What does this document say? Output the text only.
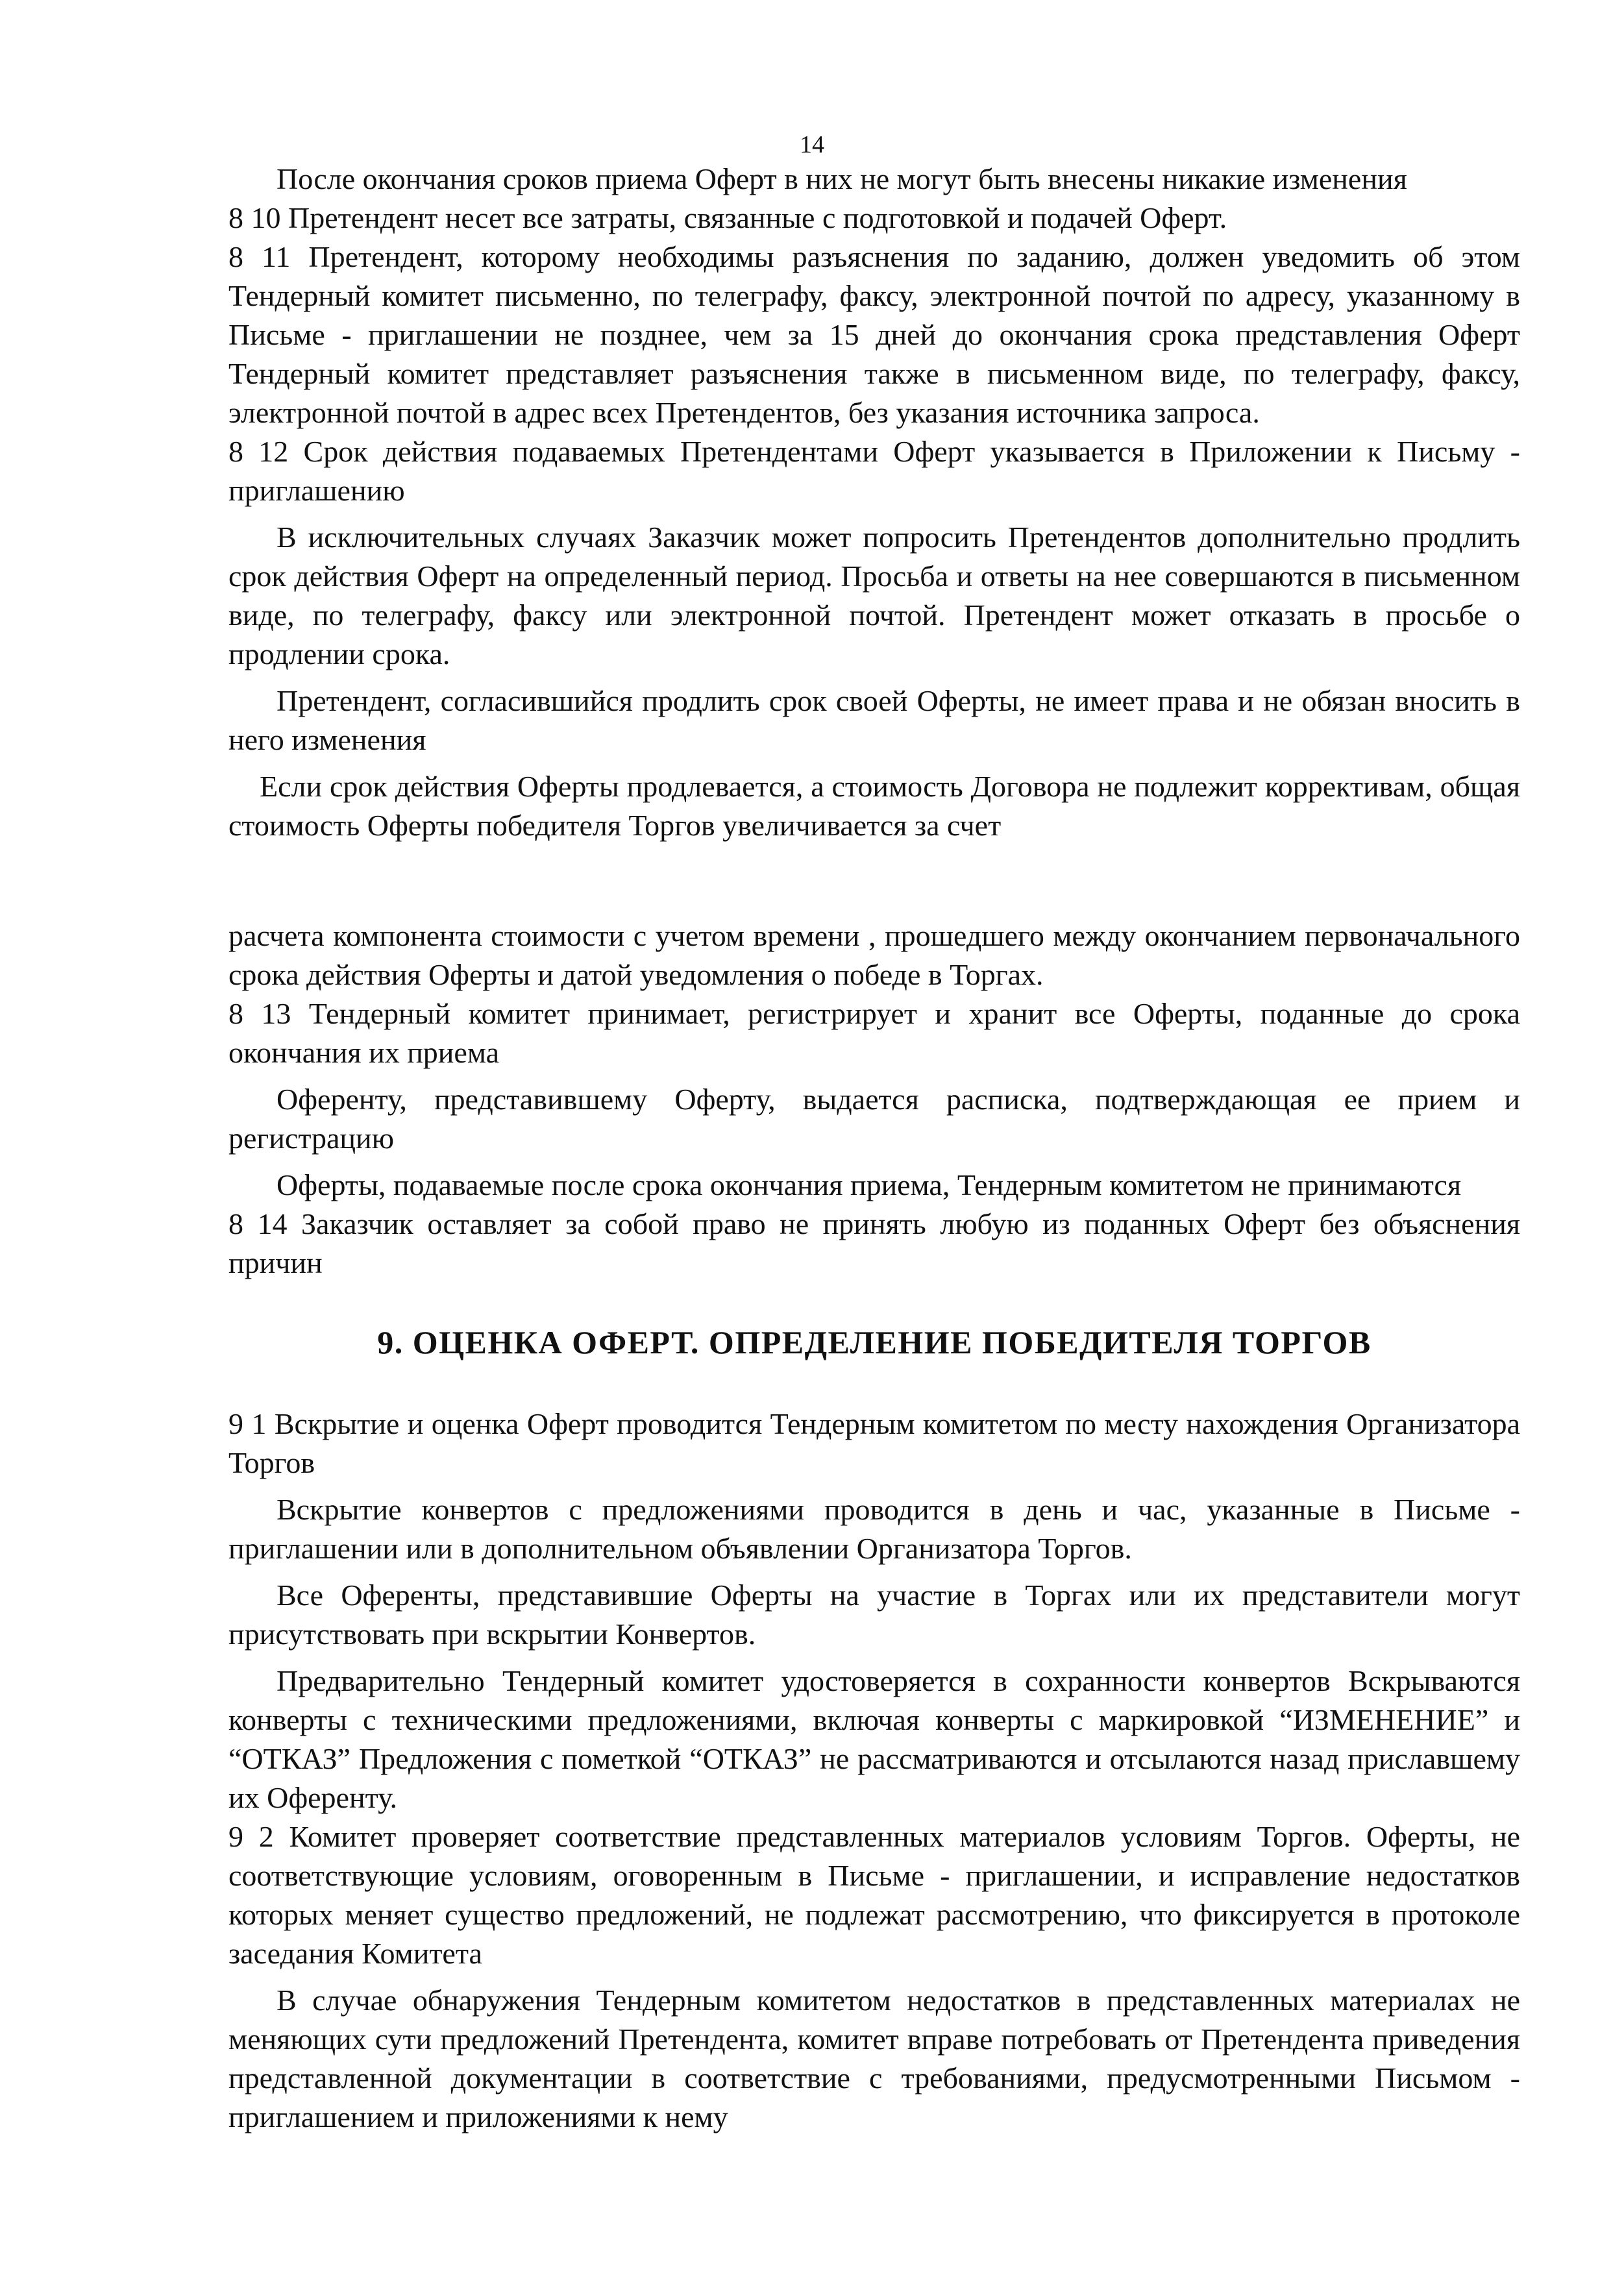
14

После окончания сроков приема Оферт в них не могут быть внесены никакие изменения

8 10 Претендент несет все затраты, связанные с подготовкой и подачей Оферт.

8 11 Претендент, которому необходимы разъяснения по заданию, должен уведомить об этом Тендерный комитет письменно, по телеграфу, факсу, электронной почтой по адресу, указанному в Письме - приглашении не позднее, чем за 15 дней до окончания срока представления Оферт Тендерный комитет представляет разъяснения также в письменном виде, по телеграфу, факсу, электронной почтой в адрес всех Претендентов, без указания источника запроса.

8 12 Срок действия подаваемых Претендентами Оферт указывается в Приложении к Письму - приглашению

В исключительных случаях Заказчик может попросить Претендентов дополнительно продлить срок действия Оферт на определенный период. Просьба и ответы на нее совершаются в письменном виде, по телеграфу, факсу или электронной почтой. Претендент может отказать в просьбе о продлении срока.

Претендент, согласившийся продлить срок своей Оферты, не имеет права и не обязан вносить в него изменения

Если срок действия Оферты продлевается, а стоимость Договора не подлежит коррективам, общая стоимость Оферты победителя Торгов увеличивается за счет

расчета компонента стоимости с учетом времени , прошедшего между окончанием первоначального срока действия Оферты и датой уведомления о победе в Торгах.

8 13 Тендерный комитет принимает, регистрирует и хранит все Оферты, поданные до срока окончания их приема

Оференту, представившему Оферту, выдается расписка, подтверждающая ее прием и регистрацию

Оферты, подаваемые после срока окончания приема, Тендерным комитетом не принимаются

8 14 Заказчик оставляет за собой право не принять любую из поданных Оферт без объяснения причин

9. ОЦЕНКА ОФЕРТ. ОПРЕДЕЛЕНИЕ ПОБЕДИТЕЛЯ ТОРГОВ

9 1 Вскрытие и оценка Оферт проводится Тендерным комитетом по месту нахождения Организатора Торгов

Вскрытие конвертов с предложениями проводится в день и час, указанные в Письме - приглашении или в дополнительном объявлении Организатора Торгов.

Все Оференты, представившие Оферты на участие в Торгах или их представители могут присутствовать при вскрытии Конвертов.

Предварительно Тендерный комитет удостоверяется в сохранности конвертов Вскрываются конверты с техническими предложениями, включая конверты с маркировкой “ИЗМЕНЕНИЕ” и “ОТКАЗ” Предложения с пометкой “ОТКАЗ” не рассматриваются и отсылаются назад приславшему их Оференту.

9 2 Комитет проверяет соответствие представленных материалов условиям Торгов. Оферты, не соответствующие условиям, оговоренным в Письме - приглашении, и исправление недостатков которых меняет существо предложений, не подлежат рассмотрению, что фиксируется в протоколе заседания Комитета

В случае обнаружения Тендерным комитетом недостатков в представленных материалах не меняющих сути предложений Претендента, комитет вправе потребовать от Претендента приведения представленной документации в соответствие с требованиями, предусмотренными Письмом - приглашением и приложениями к нему
